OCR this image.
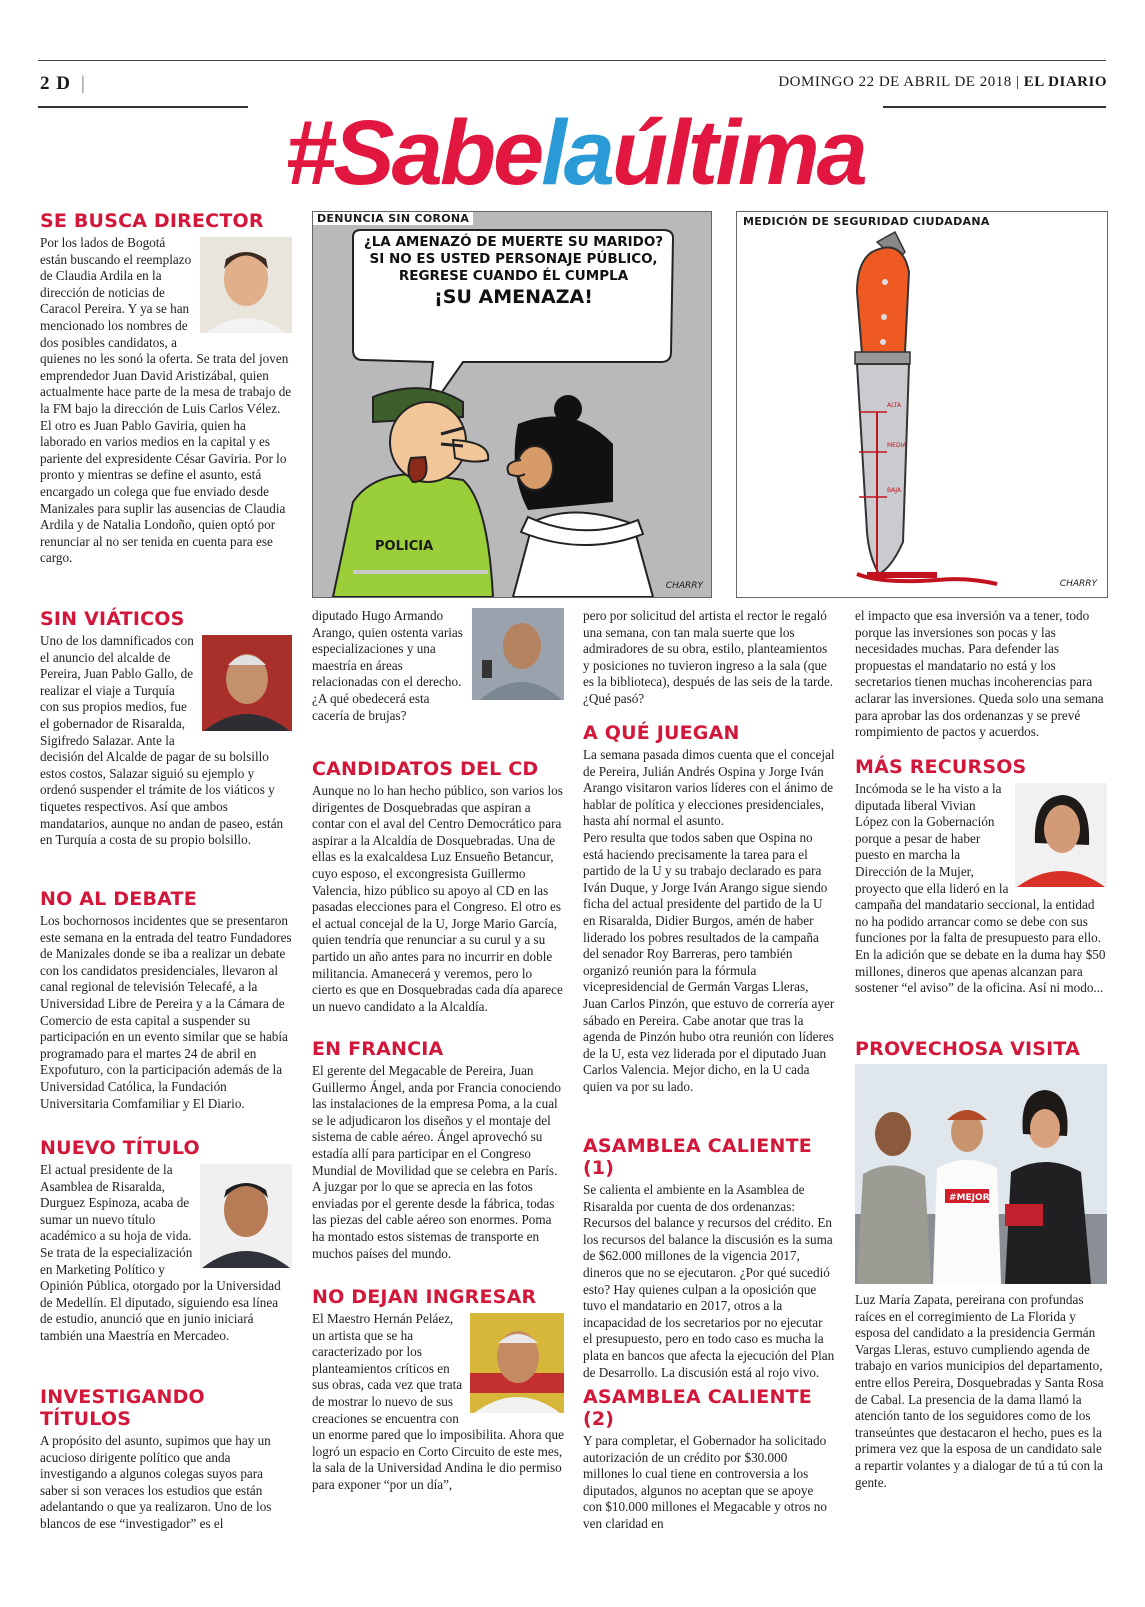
2 D |	DOMINGO 22 DE ABRIL DE 2018 | EL DIARIO
#Sabelaúltima
DENUNCIA SIN CORONA
¿LA AMENAZÓ DE MUERTE SU MARIDO?
SI NO ES USTED PERSONAJE PÚBLICO,
REGRESE CUANDO ÉL CUMPLA
¡SU AMENAZA!
POLICIA
CHARRY
MEDICIÓN DE SEGURIDAD CIUDADANA
ALTA
MEDIA
BAJA
CHARRY
SE BUSCA DIRECTOR

Por los lados de Bogotá están buscando el reemplazo de Claudia Ardila en la dirección de noticias de Caracol Pereira. Y ya se han mencionado los nombres de dos posibles candidatos, a quienes no les sonó la oferta. Se trata del joven emprendedor Juan David Aristizábal, quien actualmente hace parte de la mesa de trabajo de la FM bajo la dirección de Luis Carlos Vélez. El otro es Juan Pablo Gaviria, quien ha laborado en varios medios en la capital y es pariente del expresidente César Gaviria. Por lo pronto y mientras se define el asunto, está encargado un colega que fue enviado desde Manizales para suplir las ausencias de Claudia Ardila y de Natalia Londoño, quien optó por renunciar al no ser tenida en cuenta para ese cargo.

SIN VIÁTICOS

Uno de los damnificados con el anuncio del alcalde de Pereira, Juan Pablo Gallo, de realizar el viaje a Turquía con sus propios medios, fue el gobernador de Risaralda, Sigifredo Salazar. Ante la decisión del Alcalde de pagar de su bolsillo estos costos, Salazar siguió su ejemplo y ordenó suspender el trámite de los viáticos y tiquetes respectivos. Así que ambos mandatarios, aunque no andan de paseo, están en Turquía a costa de su propio bolsillo.

NO AL DEBATE

Los bochornosos incidentes que se presentaron este semana en la entrada del teatro Fundadores de Manizales donde se iba a realizar un debate con los candidatos presidenciales, llevaron al canal regional de televisión Telecafé, a la Universidad Libre de Pereira y a la Cámara de Comercio de esta capital a suspender su participación en un evento similar que se había programado para el martes 24 de abril en Expofuturo, con la participación además de la Universidad Católica, la Fundación Universitaria Comfamiliar y El Diario.

NUEVO TÍTULO

El actual presidente de la Asamblea de Risaralda, Durguez Espinoza, acaba de sumar un nuevo título académico a su hoja de vida. Se trata de la especialización en Marketing Político y Opinión Pública, otorgado por la Universidad de Medellín. El diputado, siguiendo esa línea de estudio, anunció que en junio iniciará también una Maestría en Mercadeo.

INVESTIGANDO TÍTULOS

A propósito del asunto, supimos que hay un acucioso dirigente político que anda investigando a algunos colegas suyos para saber si son veraces los estudios que están adelantando o que ya realizaron. Uno de los blancos de ese “investigador” es el

diputado Hugo Armando Arango, quien ostenta varias especializaciones y una maestría en áreas relacionadas con el derecho. ¿A qué obedecerá esta cacería de brujas?

CANDIDATOS DEL CD

Aunque no lo han hecho público, son varios los dirigentes de Dosquebradas que aspiran a contar con el aval del Centro Democrático para aspirar a la Alcaldía de Dosquebradas. Una de ellas es la exalcaldesa Luz Ensueño Betancur, cuyo esposo, el excongresista Guillermo Valencia, hizo público su apoyo al CD en las pasadas elecciones para el Congreso. El otro es el actual concejal de la U, Jorge Mario García, quien tendría que renunciar a su curul y a su partido un año antes para no incurrir en doble militancia. Amanecerá y veremos, pero lo cierto es que en Dosquebradas cada día aparece un nuevo candidato a la Alcaldía.

EN FRANCIA

El gerente del Megacable de Pereira, Juan Guillermo Ángel, anda por Francia conociendo las instalaciones de la empresa Poma, a la cual se le adjudicaron los diseños y el montaje del sistema de cable aéreo. Ángel aprovechó su estadía allí para participar en el Congreso Mundial de Movilidad que se celebra en París. A juzgar por lo que se aprecia en las fotos enviadas por el gerente desde la fábrica, todas las piezas del cable aéreo son enormes. Poma ha montado estos sistemas de transporte en muchos países del mundo.

NO DEJAN INGRESAR

El Maestro Hernán Peláez, un artista que se ha caracterizado por los planteamientos críticos en sus obras, cada vez que trata de mostrar lo nuevo de sus creaciones se encuentra con un enorme pared que lo imposibilita. Ahora que logró un espacio en Corto Circuito de este mes, la sala de la Universidad Andina le dio permiso para exponer “por un día”,

pero por solicitud del artista el rector le regaló una semana, con tan mala suerte que los admiradores de su obra, estilo, planteamientos y posiciones no tuvieron ingreso a la sala (que es la biblioteca), después de las seis de la tarde. ¿Qué pasó?

A QUÉ JUEGAN

La semana pasada dimos cuenta que el concejal de Pereira, Julián Andrés Ospina y Jorge Iván Arango visitaron varios líderes con el ánimo de hablar de política y elecciones presidenciales, hasta ahí normal el asunto.

Pero resulta que todos saben que Ospina no está haciendo precisamente la tarea para el partido de la U y su trabajo declarado es para Iván Duque, y Jorge Iván Arango sigue siendo ficha del actual presidente del partido de la U en Risaralda, Didier Burgos, amén de haber liderado los pobres resultados de la campaña del senador Roy Barreras, pero también organizó reunión para la fórmula vicepresidencial de Germán Vargas Lleras, Juan Carlos Pinzón, que estuvo de correría ayer sábado en Pereira. Cabe anotar que tras la agenda de Pinzón hubo otra reunión con líderes de la U, esta vez liderada por el diputado Juan Carlos Valencia. Mejor dicho, en la U cada quien va por su lado.

ASAMBLEA CALIENTE (1)

Se calienta el ambiente en la Asamblea de Risaralda por cuenta de dos ordenanzas: Recursos del balance y recursos del crédito. En los recursos del balance la discusión es la suma de $62.000 millones de la vigencia 2017, dineros que no se ejecutaron. ¿Por qué sucedió esto? Hay quienes culpan a la oposición que tuvo el mandatario en 2017, otros a la incapacidad de los secretarios por no ejecutar el presupuesto, pero en todo caso es mucha la plata en bancos que afecta la ejecución del Plan de Desarrollo. La discusión está al rojo vivo.

ASAMBLEA CALIENTE (2)

Y para completar, el Gobernador ha solicitado autorización de un crédito por $30.000 millones lo cual tiene en controversia a los diputados, algunos no aceptan que se apoye con $10.000 millones el Megacable y otros no ven claridad en

el impacto que esa inversión va a tener, todo porque las inversiones son pocas y las necesidades muchas. Para defender las propuestas el mandatario no está y los secretarios tienen muchas incoherencias para aclarar las inversiones. Queda solo una semana para aprobar las dos ordenanzas y se prevé rompimiento de pactos y acuerdos.

MÁS RECURSOS

Incómoda se le ha visto a la diputada liberal Vivian López con la Gobernación porque a pesar de haber puesto en marcha la Dirección de la Mujer, proyecto que ella lideró en la campaña del mandatario seccional, la entidad no ha podido arrancar como se debe con sus funciones por la falta de presupuesto para ello. En la adición que se debate en la duma hay $50 millones, dineros que apenas alcanzan para sostener “el aviso” de la oficina. Así ni modo...

PROVECHOSA VISITA
#MEJOR

Luz María Zapata, pereirana con profundas raíces en el corregimiento de La Florida y esposa del candidato a la presidencia Germán Vargas Lleras, estuvo cumpliendo agenda de trabajo en varios municipios del departamento, entre ellos Pereira, Dosquebradas y Santa Rosa de Cabal. La presencia de la dama llamó la atención tanto de los seguidores como de los transeúntes que destacaron el hecho, pues es la primera vez que la esposa de un candidato sale a repartir volantes y a dialogar de tú a tú con la gente.
